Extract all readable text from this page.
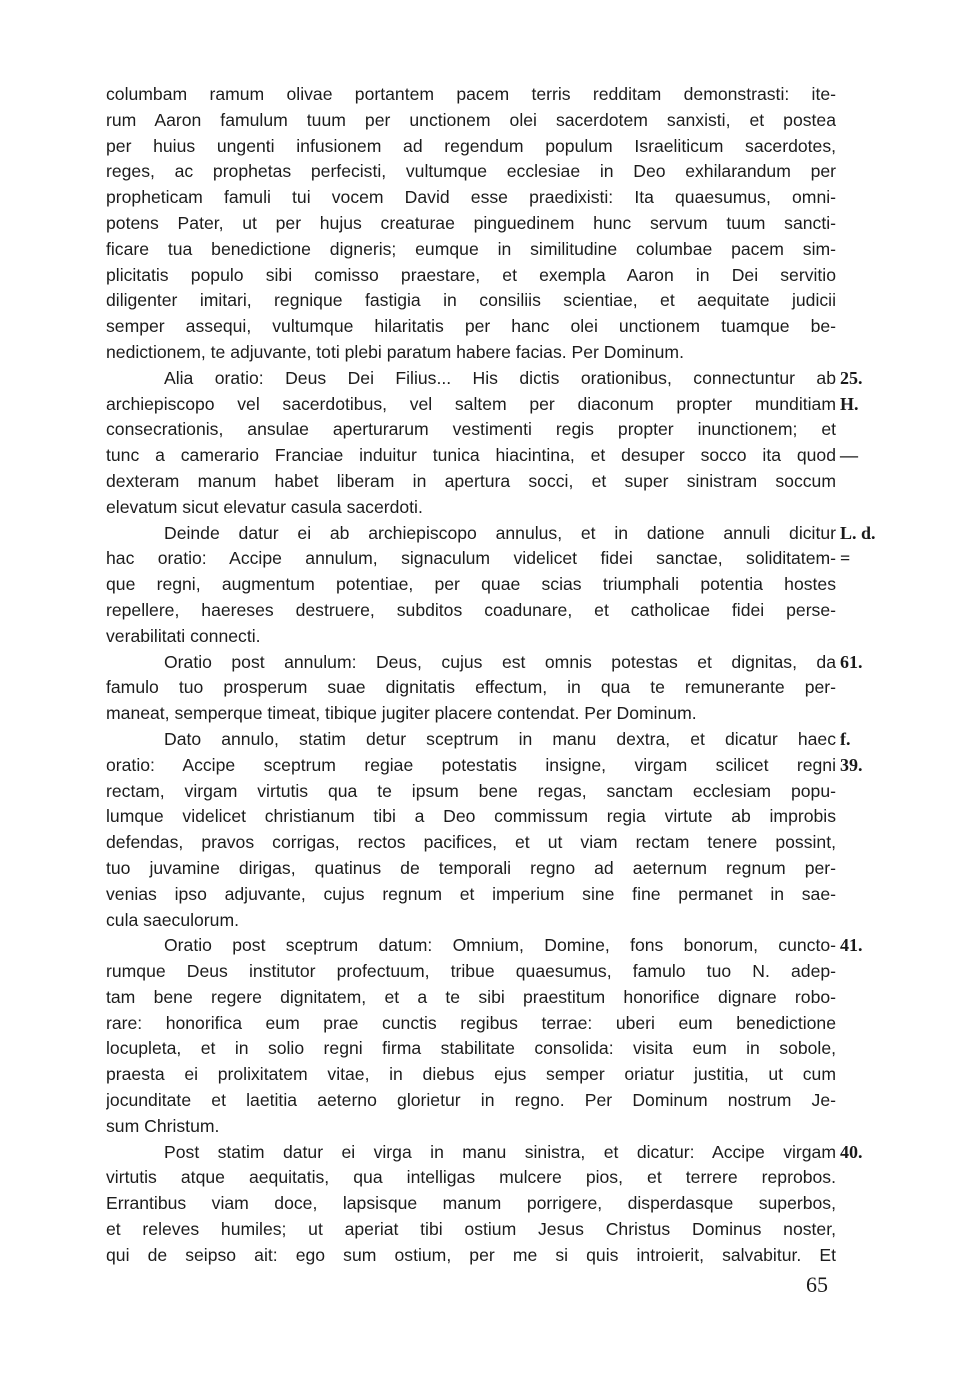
columbam ramum olivae portantem pacem terris redditam demonstrasti: ite-
rum Aaron famulum tuum per unctionem olei sacerdotem sanxisti, et postea
per huius ungenti infusionem ad regendum populum Israeliticum sacerdotes,
reges, ac prophetas perfecisti, vultumque ecclesiae in Deo exhilarandum per
propheticam famuli tui vocem David esse praedixisti: Ita quaesumus, omni-
potens Pater, ut per hujus creaturae pinguedinem hunc servum tuum sancti-
ficare tua benedictione digneris; eumque in similitudine columbae pacem sim-
plicitatis populo sibi comisso praestare, et exempla Aaron in Dei servitio
diligenter imitari, regnique fastigia in consiliis scientiae, et aequitate judicii
semper assequi, vultumque hilaritatis per hanc olei unctionem tuamque be-
nedictionem, te adjuvante, toti plebi paratum habere facias. Per Dominum.
Alia oratio: Deus Dei Filius... His dictis orationibus, connectuntur ab
archiepiscopo vel sacerdotibus, vel saltem per diaconum propter munditiam
consecrationis, ansulae aperturarum vestimenti regis propter inunctionem; et
tunc a camerario Franciae induitur tunica hiacintina, et desuper socco ita quod
dexteram manum habet liberam in apertura socci, et super sinistram soccum
elevatum sicut elevatur casula sacerdoti.
Deinde datur ei ab archiepiscopo annulus, et in datione annuli dicitur
hac oratio: Accipe annulum, signaculum videlicet fidei sanctae, soliditatem-
que regni, augmentum potentiae, per quae scias triumphali potentia hostes
repellere, haereses destruere, subditos coadunare, et catholicae fidei perse-
verabilitati connecti.
Oratio post annulum: Deus, cujus est omnis potestas et dignitas, da
famulo tuo prosperum suae dignitatis effectum, in qua te remunerante per-
maneat, semperque timeat, tibique jugiter placere contendat. Per Dominum.
Dato annulo, statim detur sceptrum in manu dextra, et dicatur haec
oratio: Accipe sceptrum regiae potestatis insigne, virgam scilicet regni
rectam, virgam virtutis qua te ipsum bene regas, sanctam ecclesiam popu-
lumque videlicet christianum tibi a Deo commissum regia virtute ab improbis
defendas, pravos corrigas, rectos pacifices, et ut viam rectam tenere possint,
tuo juvamine dirigas, quatinus de temporali regno ad aeternum regnum per-
venias ipso adjuvante, cujus regnum et imperium sine fine permanet in sae-
cula saeculorum.
Oratio post sceptrum datum: Omnium, Domine, fons bonorum, cuncto-
rumque Deus institutor profectuum, tribue quaesumus, famulo tuo N. adep-
tam bene regere dignitatem, et a te sibi praestitum honorifice dignare robo-
rare: honorifica eum prae cunctis regibus terrae: uberi eum benedictione
locupleta, et in solio regni firma stabilitate consolida: visita eum in sobole,
praesta ei prolixitatem vitae, in diebus ejus semper oriatur justitia, ut cum
jocunditate et laetitia aeterno glorietur in regno. Per Dominum nostrum Je-
sum Christum.
Post statim datur ei virga in manu sinistra, et dicatur: Accipe virgam
virtutis atque aequitatis, qua intelligas mulcere pios, et terrere reprobos.
Errantibus viam doce, lapsisque manum porrigere, disperdasque superbos,
et releves humiles; ut aperiat tibi ostium Jesus Christus Dominus noster,
qui de seipso ait: ego sum ostium, per me si quis introierit, salvabitur. Et
25.
H.
—
L. d.
=
61.
f.
39.
41.
40.
65
